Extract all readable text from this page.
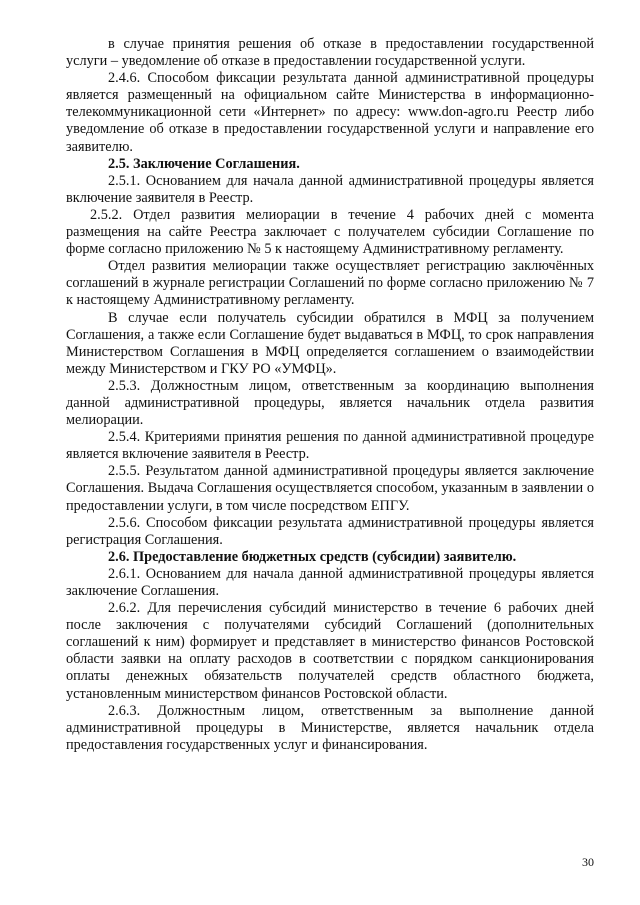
в случае принятия решения об отказе в предоставлении государственной услуги – уведомление об отказе в предоставлении государственной услуги.

2.4.6. Способом фиксации результата данной административной процедуры является размещенный на официальном сайте Министерства в информационно-телекоммуникационной сети «Интернет» по адресу: www.don-agro.ru Реестр либо уведомление об отказе в предоставлении государственной услуги и направление его заявителю.

2.5. Заключение Соглашения.

2.5.1. Основанием для начала данной административной процедуры является включение заявителя в Реестр.

2.5.2. Отдел развития мелиорации в течение 4 рабочих дней с момента размещения на сайте Реестра заключает с получателем субсидии Соглашение по форме согласно приложению № 5 к настоящему Административному регламенту.

Отдел развития мелиорации также осуществляет регистрацию заключённых соглашений в журнале регистрации Соглашений по форме согласно приложению № 7 к настоящему Административному регламенту.

В случае если получатель субсидии обратился в МФЦ за получением Соглашения, а также если Соглашение будет выдаваться в МФЦ, то срок направления Министерством Соглашения в МФЦ определяется соглашением о взаимодействии между Министерством и ГКУ РО «УМФЦ».

2.5.3. Должностным лицом, ответственным за координацию выполнения данной административной процедуры, является начальник отдела развития мелиорации.

2.5.4. Критериями принятия решения по данной административной процедуре является включение заявителя в Реестр.

2.5.5. Результатом данной административной процедуры является заключение Соглашения. Выдача Соглашения осуществляется способом, указанным в заявлении о предоставлении услуги, в том числе посредством ЕПГУ.

2.5.6. Способом фиксации результата административной процедуры является регистрация Соглашения.

2.6. Предоставление бюджетных средств (субсидии) заявителю.

2.6.1. Основанием для начала данной административной процедуры является заключение Соглашения.

2.6.2. Для перечисления субсидий министерство в течение 6 рабочих дней после заключения с получателями субсидий Соглашений (дополнительных соглашений к ним) формирует и представляет в министерство финансов Ростовской области заявки на оплату расходов в соответствии с порядком санкционирования оплаты денежных обязательств получателей средств областного бюджета, установленным министерством финансов Ростовской области.

2.6.3. Должностным лицом, ответственным за выполнение данной административной процедуры в Министерстве, является начальник отдела предоставления государственных услуг и финансирования.

30
